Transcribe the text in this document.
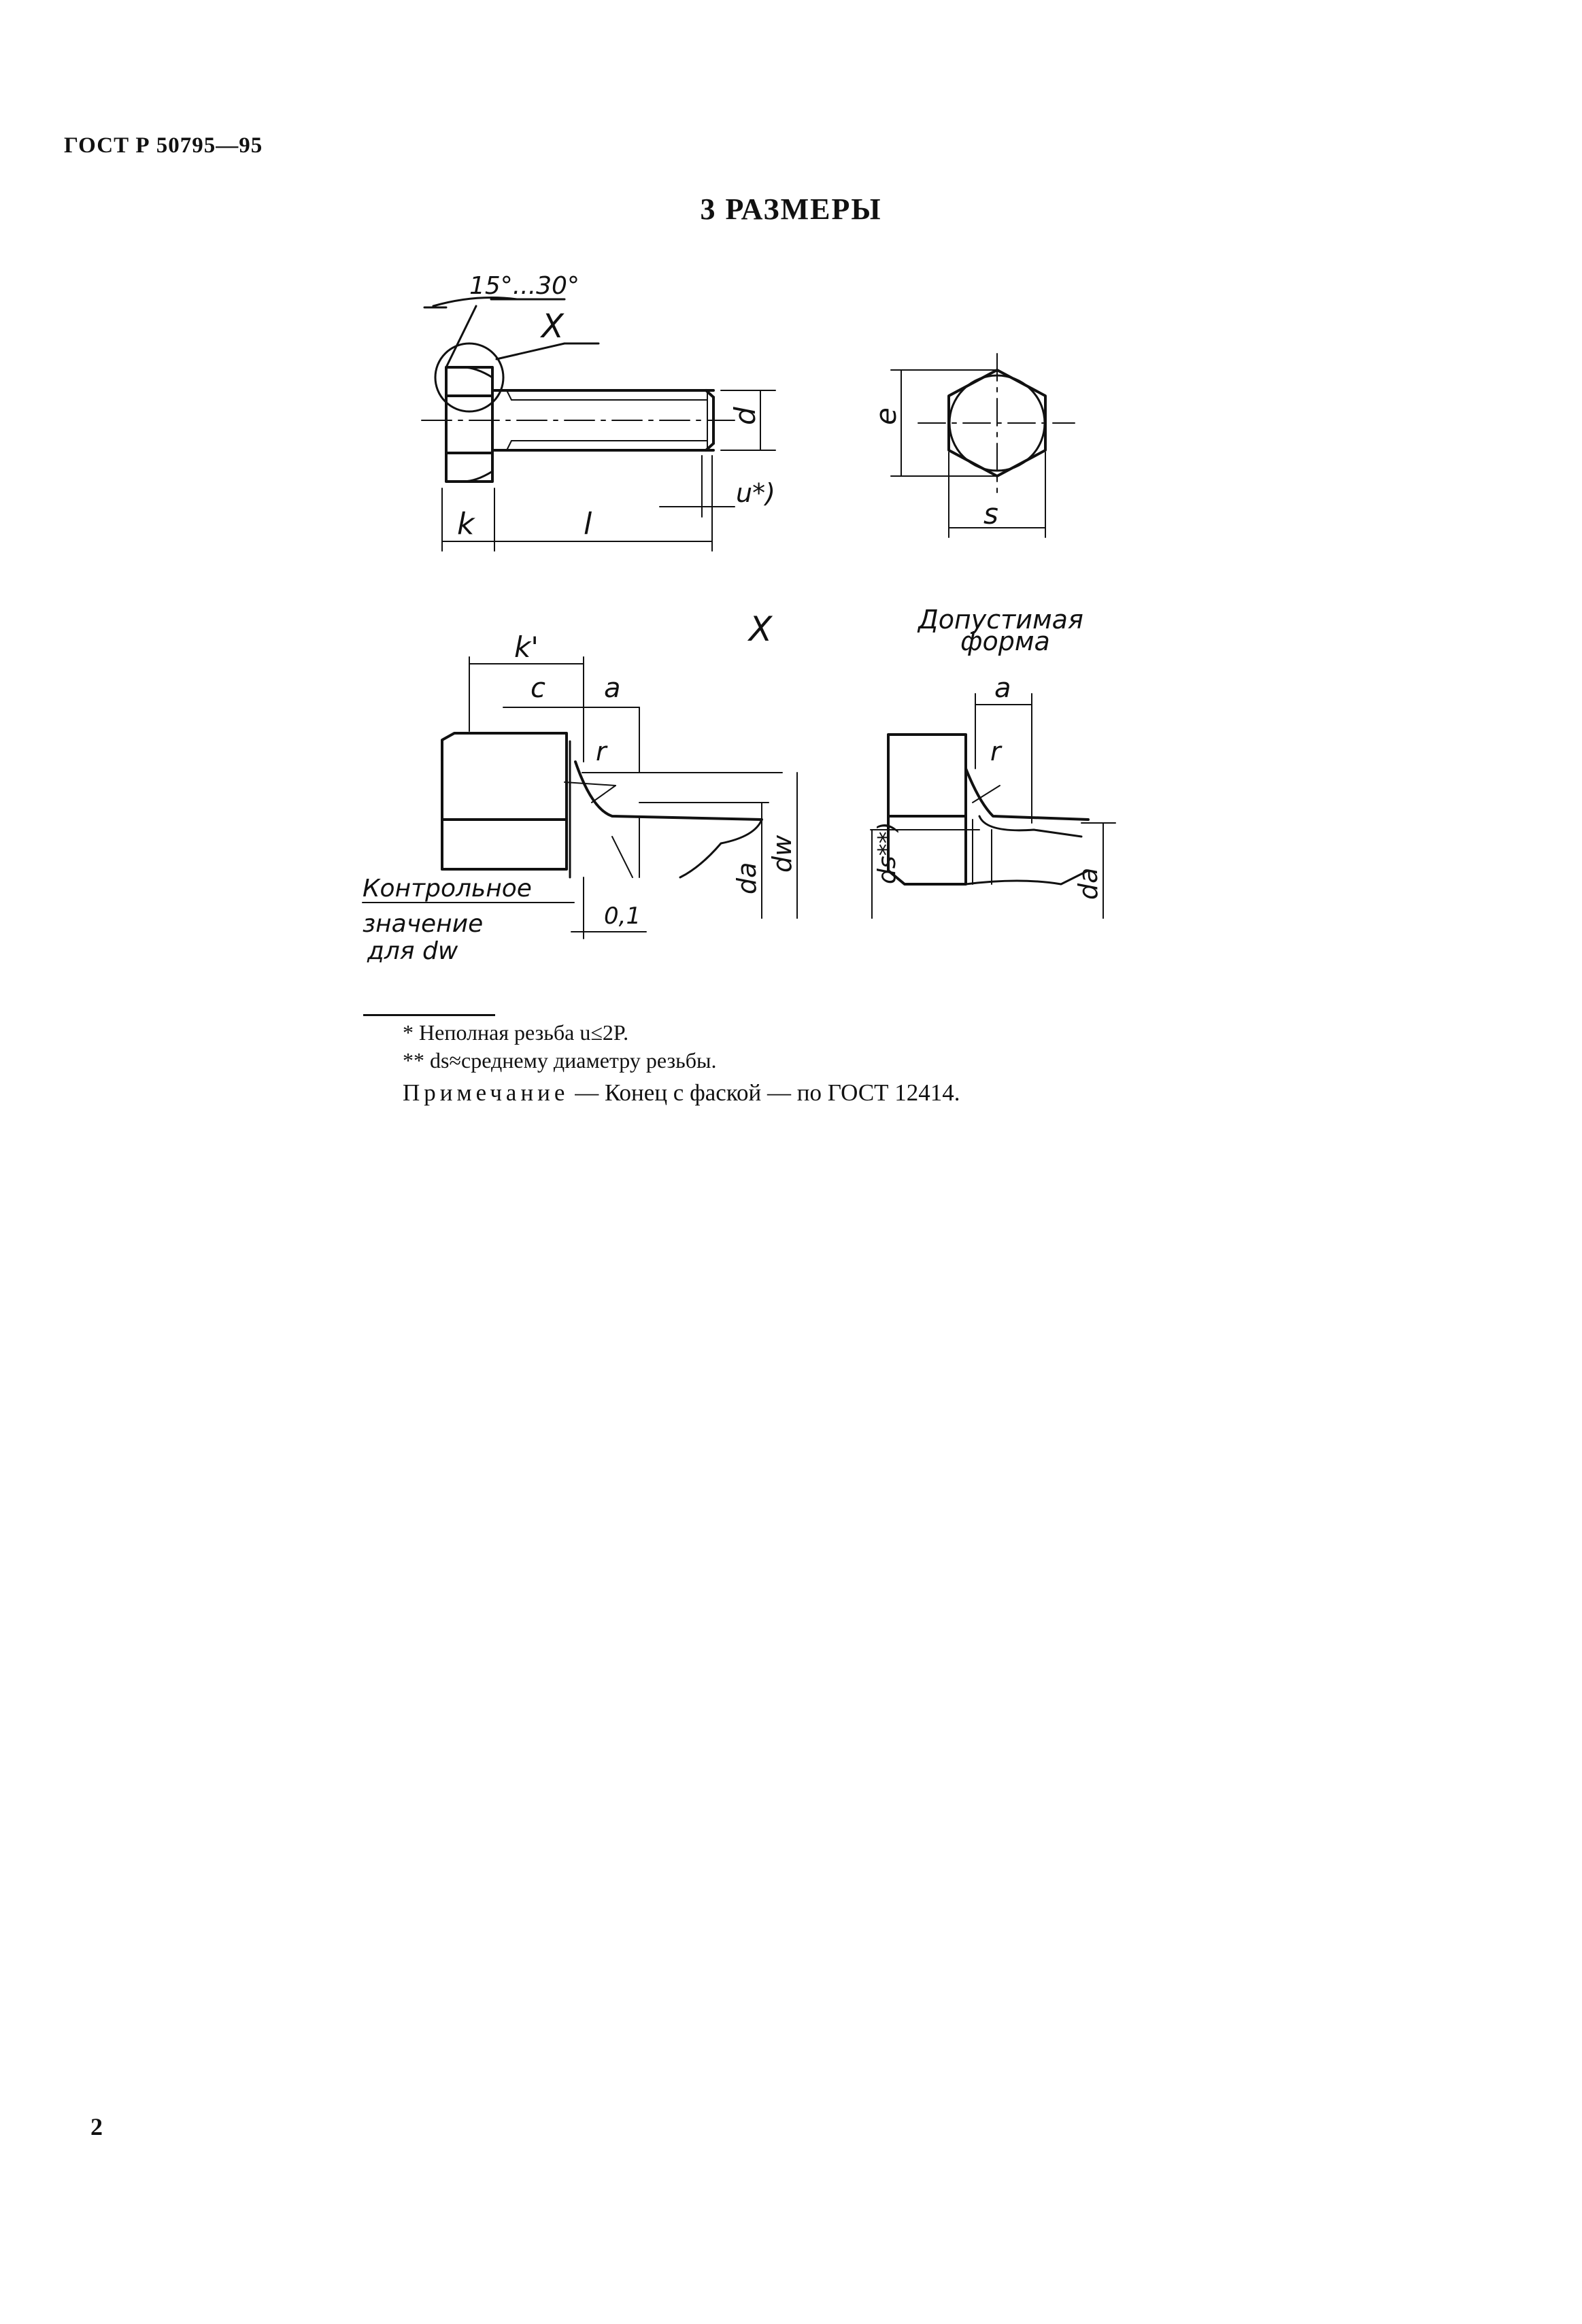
ГОСТ Р 50795—95
3 РАЗМЕРЫ
15°...30°
X
k	l
d
u*)
e
s
X	Допустимая
форма
k'
c a
r
da
dw
0,1
Контрольное
значение
для dw
a
r
ds**)	da
* Неполная резьба u≤2P.
** ds≈среднему диаметру резьбы.
Примечание — Конец с фаской — по ГОСТ 12414.
2
